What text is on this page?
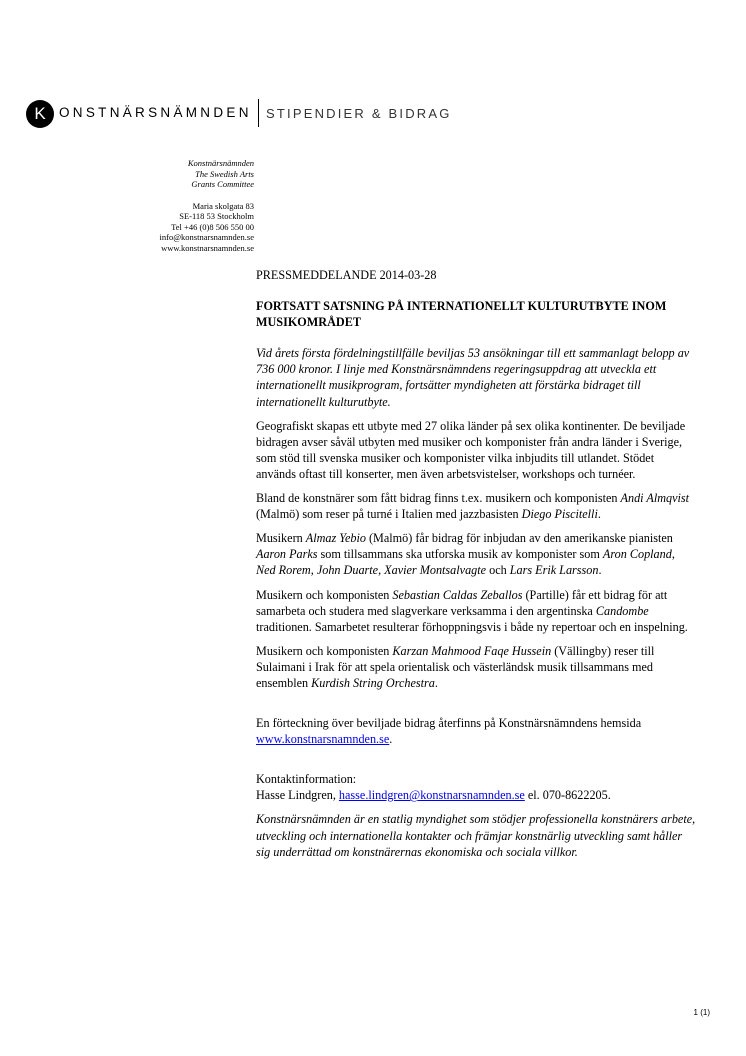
K ONSTNÄRSNÄMNDEN STIPENDIER & BIDRAG
Konstnärsnämnden
The Swedish Arts
Grants Committee
Maria skolgata 83
SE-118 53 Stockholm
Tel +46 (0)8 506 550 00
info@konstnarsnamnden.se
www.konstnarsnamnden.se

PRESSMEDDELANDE 2014-03-28

FORTSATT SATSNING PÅ INTERNATIONELLT KULTURUTBYTE INOM
MUSIKOMRÅDET

Vid årets första fördelningstillfälle beviljas 53 ansökningar till ett sammanlagt belopp av 736 000 kronor. I linje med Konstnärsnämndens regeringsuppdrag att utveckla ett internationellt musikprogram, fortsätter myndigheten att förstärka bidraget till internationellt kulturutbyte.

Geografiskt skapas ett utbyte med 27 olika länder på sex olika kontinenter. De beviljade bidragen avser såväl utbyten med musiker och komponister från andra länder i Sverige, som stöd till svenska musiker och komponister vilka inbjudits till utlandet. Stödet används oftast till konserter, men även arbetsvistelser, workshops och turnéer.

Bland de konstnärer som fått bidrag finns t.ex. musikern och komponisten Andi Almqvist (Malmö) som reser på turné i Italien med jazzbasisten Diego Piscitelli.

Musikern Almaz Yebio (Malmö) får bidrag för inbjudan av den amerikanske pianisten Aaron Parks som tillsammans ska utforska musik av komponister som Aron Copland, Ned Rorem, John Duarte, Xavier Montsalvagte och Lars Erik Larsson.

Musikern och komponisten Sebastian Caldas Zeballos (Partille) får ett bidrag för att samarbeta och studera med slagverkare verksamma i den argentinska Candombe traditionen. Samarbetet resulterar förhoppningsvis i både ny repertoar och en inspelning.

Musikern och komponisten Karzan Mahmood Faqe Hussein (Vällingby) reser till Sulaimani i Irak för att spela orientalisk och västerländsk musik tillsammans med ensemblen Kurdish String Orchestra.

En förteckning över beviljade bidrag återfinns på Konstnärsnämndens hemsida www.konstnarsnamnden.se.

Kontaktinformation:
Hasse Lindgren, hasse.lindgren@konstnarsnamnden.se el. 070-8622205.

Konstnärsnämnden är en statlig myndighet som stödjer professionella konstnärers arbete, utveckling och internationella kontakter och främjar konstnärlig utveckling samt håller sig underrättad om konstnärernas ekonomiska och sociala villkor.

1 (1)
